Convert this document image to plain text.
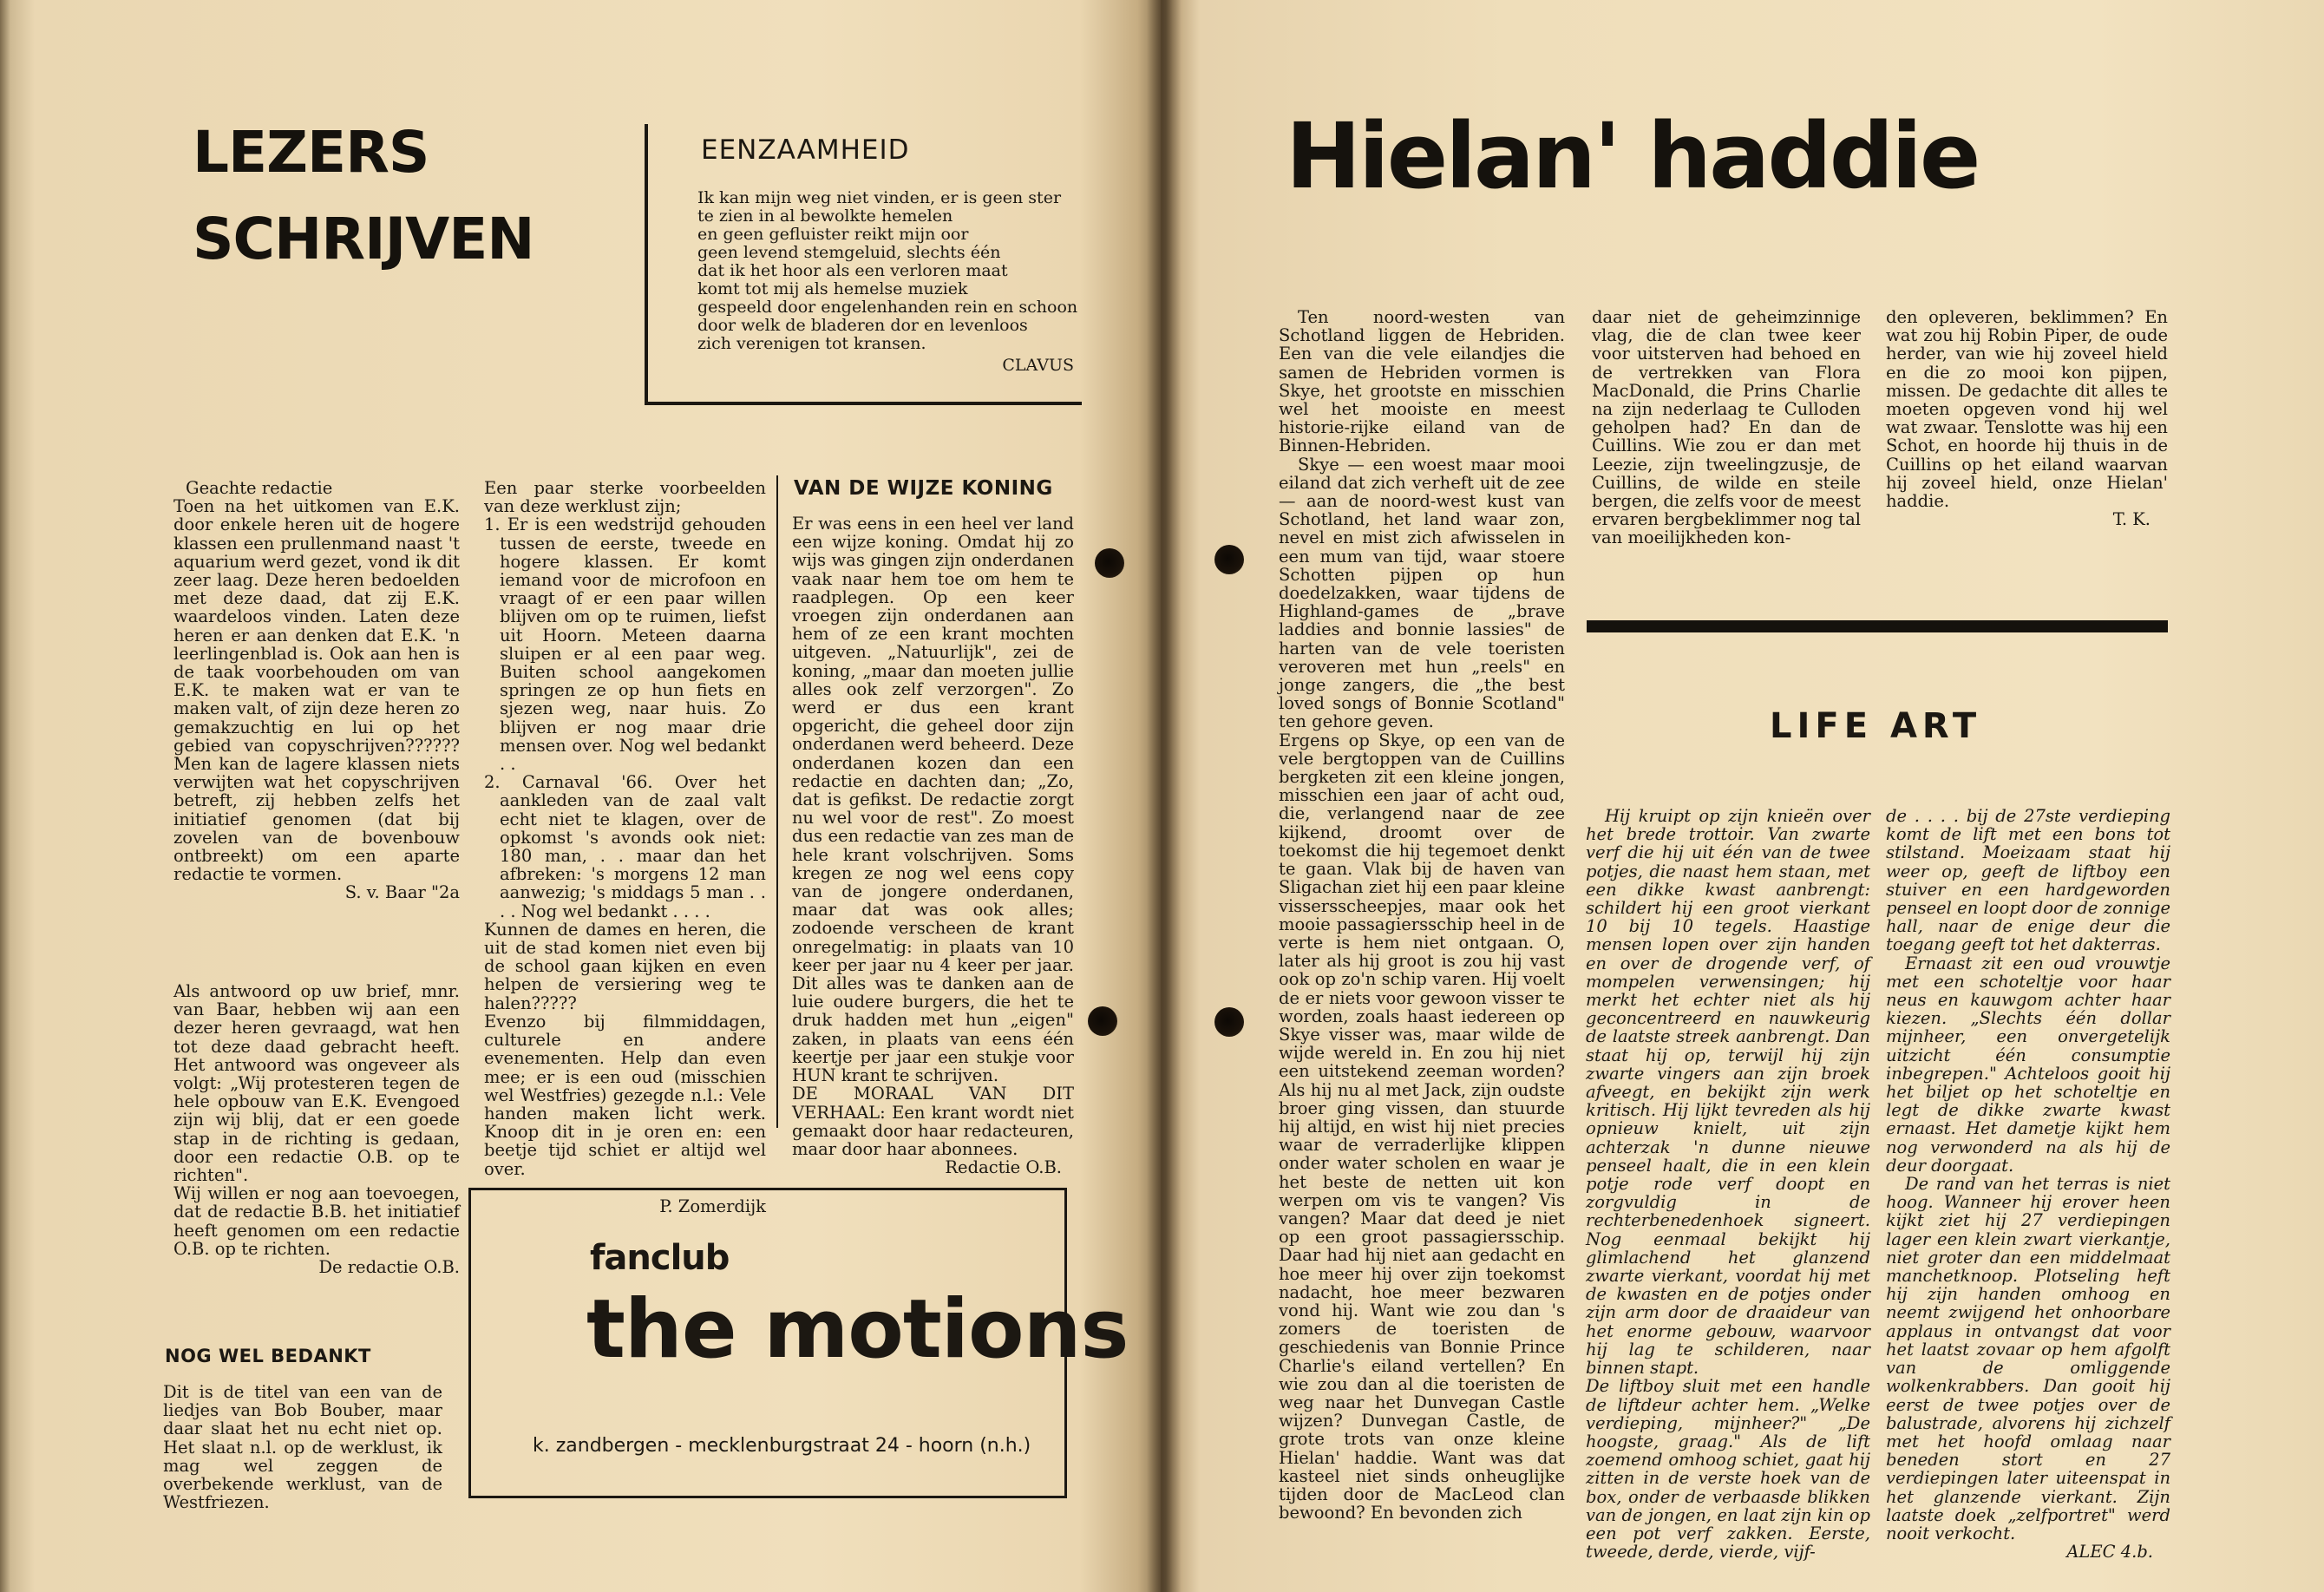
LEZERS
SCHRIJVEN
EENZAAMHEID
Ik kan mijn weg niet vinden, er is geen ster
te zien in al bewolkte hemelen
en geen gefluister reikt mijn oor
geen levend stemgeluid, slechts één
dat ik het hoor als een verloren maat
komt tot mij als hemelse muziek
gespeeld door engelenhanden rein en schoon
door welk de bladeren dor en levenloos
zich verenigen tot kransen.
CLAVUS

Geachte redactie

Toen na het uitkomen van E.K. door enkele heren uit de hogere klassen een prullenmand naast 't aquarium werd gezet, vond ik dit zeer laag. Deze heren bedoelden met deze daad, dat zij E.K. waardeloos vinden. Laten deze heren er aan denken dat E.K. 'n leerlingenblad is. Ook aan hen is de taak voorbehouden om van E.K. te maken wat er van te maken valt, of zijn deze heren zo gemakzuchtig en lui op het gebied van copyschrijven?????? Men kan de lagere klassen niets verwijten wat het copyschrijven betreft, zij hebben zelfs het initiatief genomen (dat bij zovelen van de bovenbouw ontbreekt) om een aparte redactie te vormen.

S. v. Baar "2a

Als antwoord op uw brief, mnr. van Baar, hebben wij aan een dezer heren gevraagd, wat hen tot deze daad gebracht heeft. Het antwoord was ongeveer als volgt: „Wij protesteren tegen de hele opbouw van E.K. Evengoed zijn wij blij, dat er een goede stap in de richting is gedaan, door een redactie O.B. op te richten".

Wij willen er nog aan toevoegen, dat de redactie B.B. het initiatief heeft genomen om een redactie O.B. op te richten.

De redactie O.B.

NOG WEL BEDANKT
Dit is de titel van een van de liedjes van Bob Bouber, maar daar slaat het nu echt niet op. Het slaat n.l. op de werklust, ik mag wel zeggen de overbekende werklust, van de Westfriezen.

Een paar sterke voorbeelden van deze werklust zijn;

1. Er is een wedstrijd gehouden tussen de eerste, tweede en hogere klassen. Er komt iemand voor de microfoon en vraagt of er een paar willen blijven om op te ruimen, liefst uit Hoorn. Meteen daarna sluipen er al een paar weg. Buiten school aangekomen springen ze op hun fiets en sjezen weg, naar huis. Zo blijven er nog maar drie mensen over. Nog wel bedankt . .

2. Carnaval '66. Over het aankleden van de zaal valt echt niet te klagen, over de opkomst 's avonds ook niet: 180 man, . . maar dan het afbreken: 's morgens 12 man aanwezig; 's middags 5 man . . . . Nog wel bedankt . . . .

Kunnen de dames en heren, die uit de stad komen niet even bij de school gaan kijken en even helpen de versiering weg te halen?????

Evenzo bij filmmiddagen, culturele en andere evenementen. Help dan even mee; er is een oud (misschien wel Westfries) gezegde n.l.: Vele handen maken licht werk. Knoop dit in je oren en: een beetje tijd schiet er altijd wel over.

P. Zomerdijk

VAN DE WIJZE KONING

Er was eens in een heel ver land een wijze koning. Omdat hij zo wijs was gingen zijn onderdanen vaak naar hem toe om hem te raadplegen. Op een keer vroegen zijn onderdanen aan hem of ze een krant mochten uitgeven. „Natuurlijk", zei de koning, „maar dan moeten jullie alles ook zelf verzorgen". Zo werd er dus een krant opgericht, die geheel door zijn onderdanen werd beheerd. Deze onderdanen kozen dan een redactie en dachten dan; „Zo, dat is gefikst. De redactie zorgt nu wel voor de rest". Zo moest dus een redactie van zes man de hele krant volschrijven. Soms kregen ze nog wel eens copy van de jongere onderdanen, maar dat was ook alles; zodoende verscheen de krant onregelmatig: in plaats van 10 keer per jaar nu 4 keer per jaar. Dit alles was te danken aan de luie oudere burgers, die het te druk hadden met hun „eigen" zaken, in plaats van eens één keertje per jaar een stukje voor HUN krant te schrijven.

DE MORAAL VAN DIT VERHAAL: Een krant wordt niet gemaakt door haar redacteuren, maar door haar abonnees.

Redactie O.B.

fanclub
the motions
k. zandbergen - mecklenburgstraat 24 - hoorn (n.h.)
Hielan' haddie

Ten noord-westen van Schotland liggen de Hebriden. Een van die vele eilandjes die samen de Hebriden vormen is Skye, het grootste en misschien wel het mooiste en meest historie-rijke eiland van de Binnen-Hebriden.

Skye — een woest maar mooi eiland dat zich verheft uit de zee — aan de noord-west kust van Schotland, het land waar zon, nevel en mist zich afwisselen in een mum van tijd, waar stoere Schotten pijpen op hun doedelzakken, waar tijdens de Highland-games de „brave laddies and bonnie lassies" de harten van de vele toeristen veroveren met hun „reels" en jonge zangers, die „the best loved songs of Bonnie Scotland" ten gehore geven.

Ergens op Skye, op een van de vele bergtoppen van de Cuillins bergketen zit een kleine jongen, misschien een jaar of acht oud, die, verlangend naar de zee kijkend, droomt over de toekomst die hij tegemoet denkt te gaan. Vlak bij de haven van Sligachan ziet hij een paar kleine vissersscheepjes, maar ook het mooie passagiersschip heel in de verte is hem niet ontgaan. O, later als hij groot is zou hij vast ook op zo'n schip varen. Hij voelt de er niets voor gewoon visser te worden, zoals haast iedereen op Skye visser was, maar wilde de wijde wereld in. En zou hij niet een uitstekend zeeman worden? Als hij nu al met Jack, zijn oudste broer ging vissen, dan stuurde hij altijd, en wist hij niet precies waar de verraderlijke klippen onder water scholen en waar je het beste de netten uit kon werpen om vis te vangen? Vis vangen? Maar dat deed je niet op een groot passagiersschip. Daar had hij niet aan gedacht en hoe meer hij over zijn toekomst nadacht, hoe meer bezwaren vond hij. Want wie zou dan 's zomers de toeristen de geschiedenis van Bonnie Prince Charlie's eiland vertellen? En wie zou dan al die toeristen de weg naar het Dunvegan Castle wijzen? Dunvegan Castle, de grote trots van onze kleine Hielan' haddie. Want was dat kasteel niet sinds onheuglijke tijden door de MacLeod clan bewoond? En bevonden zich

daar niet de geheimzinnige vlag, die de clan twee keer voor uitsterven had behoed en de vertrekken van Flora MacDonald, die Prins Charlie na zijn nederlaag te Culloden geholpen had? En dan de Cuillins. Wie zou er dan met Leezie, zijn tweelingzusje, de Cuillins, de wilde en steile bergen, die zelfs voor de meest ervaren bergbeklimmer nog tal van moeilijkheden kon-

den opleveren, beklimmen? En wat zou hij Robin Piper, de oude herder, van wie hij zoveel hield en die zo mooi kon pijpen, missen. De gedachte dit alles te moeten opgeven vond hij wel wat zwaar. Tenslotte was hij een Schot, en hoorde hij thuis in de Cuillins op het eiland waarvan hij zoveel hield, onze Hielan' haddie.

T. K.

LIFE ART

Hij kruipt op zijn knieën over het brede trottoir. Van zwarte verf die hij uit één van de twee potjes, die naast hem staan, met een dikke kwast aanbrengt: schildert hij een groot vierkant 10 bij 10 tegels. Haastige mensen lopen over zijn handen en over de drogende verf, of mompelen verwensingen; hij merkt het echter niet als hij geconcentreerd en nauwkeurig de laatste streek aanbrengt. Dan staat hij op, terwijl hij zijn zwarte vingers aan zijn broek afveegt, en bekijkt zijn werk kritisch. Hij lijkt tevreden als hij opnieuw knielt, uit zijn achterzak 'n dunne nieuwe penseel haalt, die in een klein potje rode verf doopt en zorgvuldig in de rechterbenedenhoek signeert. Nog eenmaal bekijkt hij glimlachend het glanzend zwarte vierkant, voordat hij met de kwasten en de potjes onder zijn arm door de draaideur van het enorme gebouw, waarvoor hij lag te schilderen, naar binnen stapt.

De liftboy sluit met een handle de liftdeur achter hem. „Welke verdieping, mijnheer?" „De hoogste, graag." Als de lift zoemend omhoog schiet, gaat hij zitten in de verste hoek van de box, onder de verbaasde blikken van de jongen, en laat zijn kin op een pot verf zakken. Eerste, tweede, derde, vierde, vijf-

de . . . . bij de 27ste verdieping komt de lift met een bons tot stilstand. Moeizaam staat hij weer op, geeft de liftboy een stuiver en een hardgeworden penseel en loopt door de zonnige hall, naar de enige deur die toegang geeft tot het dakterras.

Ernaast zit een oud vrouwtje met een schoteltje voor haar neus en kauwgom achter haar kiezen. „Slechts één dollar mijnheer, een onvergetelijk uitzicht één consumptie inbegrepen." Achteloos gooit hij het biljet op het schoteltje en legt de dikke zwarte kwast ernaast. Het dametje kijkt hem nog verwonderd na als hij de deur doorgaat.

De rand van het terras is niet hoog. Wanneer hij erover heen kijkt ziet hij 27 verdiepingen lager een klein zwart vierkantje, niet groter dan een middelmaat manchetknoop. Plotseling heft hij zijn handen omhoog en neemt zwijgend het onhoorbare applaus in ontvangst dat voor het laatst zovaar op hem afgolft van de omliggende wolkenkrabbers. Dan gooit hij eerst de twee potjes over de balustrade, alvorens hij zichzelf met het hoofd omlaag naar beneden stort en 27 verdiepingen later uiteenspat in het glanzende vierkant. Zijn laatste doek „zelfportret" werd nooit verkocht.

ALEC 4.b.
